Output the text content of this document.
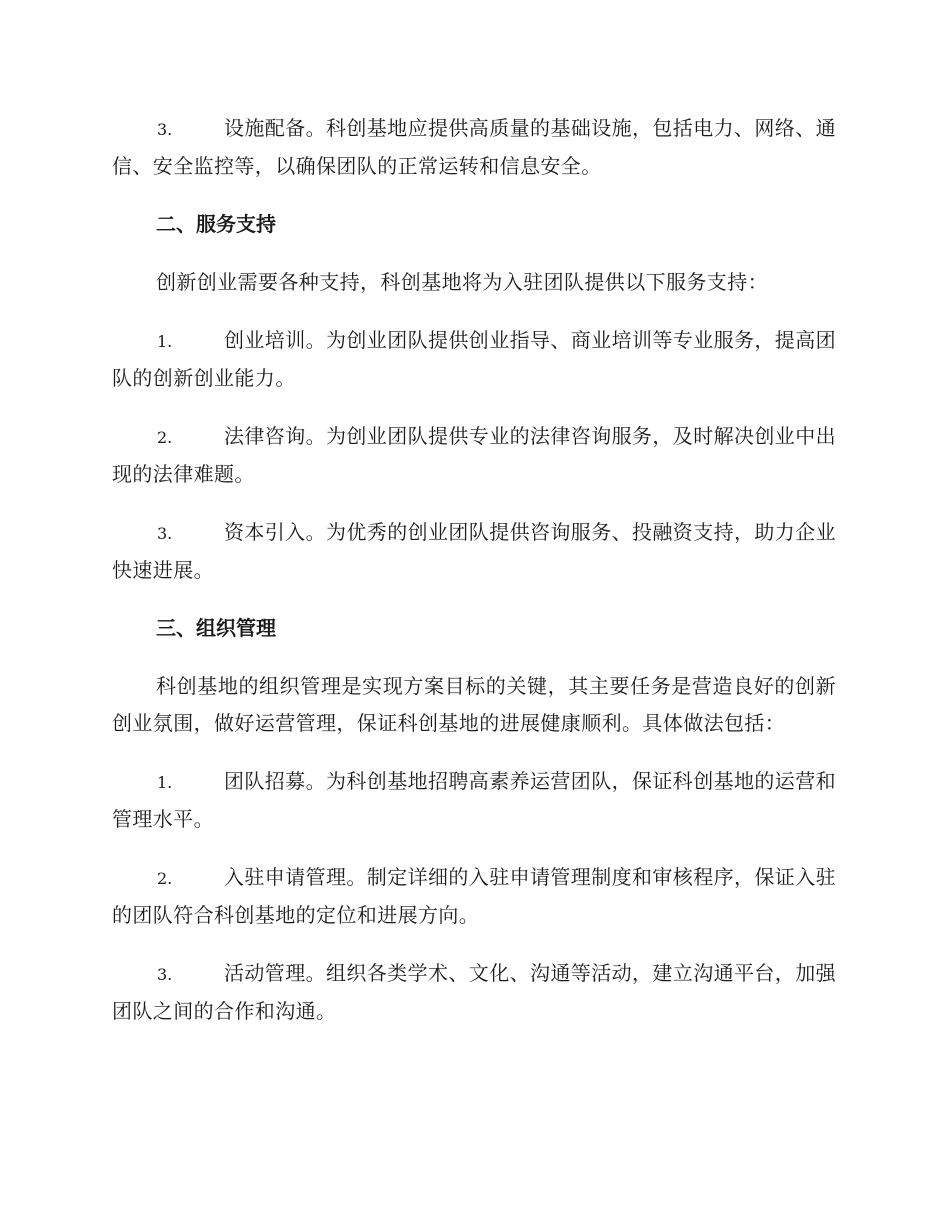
3.	设施配备。科创基地应提供高质量的基础设施，包括电力、网络、通信、安全监控等，以确保团队的正常运转和信息安全。

二、服务支持

创新创业需要各种支持，科创基地将为入驻团队提供以下服务支持：

1.	创业培训。为创业团队提供创业指导、商业培训等专业服务，提高团队的创新创业能力。

2.	法律咨询。为创业团队提供专业的法律咨询服务，及时解决创业中出现的法律难题。

3.	资本引入。为优秀的创业团队提供咨询服务、投融资支持，助力企业快速进展。

三、组织管理

科创基地的组织管理是实现方案目标的关键，其主要任务是营造良好的创新创业氛围，做好运营管理，保证科创基地的进展健康顺利。具体做法包括：

1.	团队招募。为科创基地招聘高素养运营团队，保证科创基地的运营和管理水平。

2.	入驻申请管理。制定详细的入驻申请管理制度和审核程序，保证入驻的团队符合科创基地的定位和进展方向。

3.	活动管理。组织各类学术、文化、沟通等活动，建立沟通平台，加强团队之间的合作和沟通。
